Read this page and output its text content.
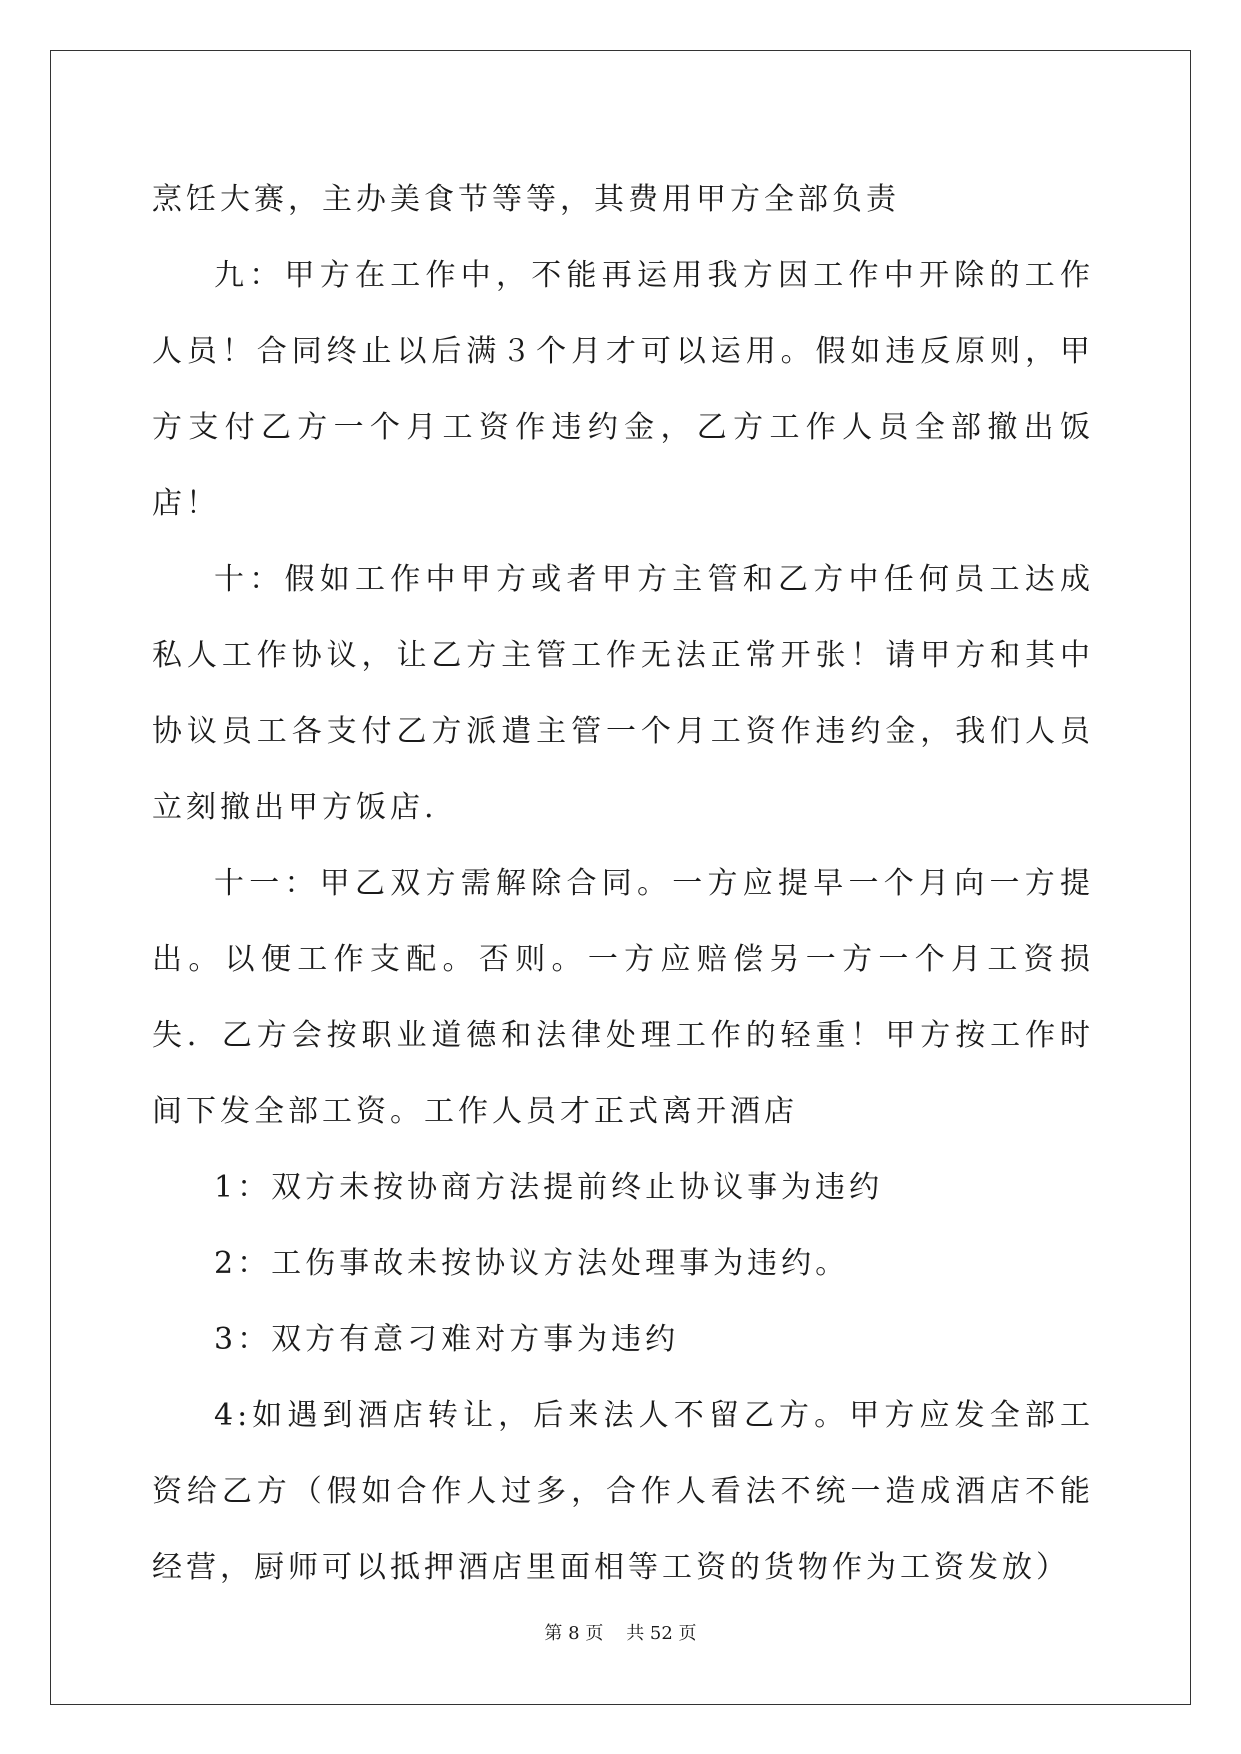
烹饪大赛，主办美食节等等，其费用甲方全部负责

九：甲方在工作中，不能再运用我方因工作中开除的工作人员！合同终止以后满３个月才可以运用。假如违反原则，甲方支付乙方一个月工资作违约金，乙方工作人员全部撤出饭店！

十：假如工作中甲方或者甲方主管和乙方中任何员工达成私人工作协议，让乙方主管工作无法正常开张！请甲方和其中协议员工各支付乙方派遣主管一个月工资作违约金，我们人员立刻撤出甲方饭店.

十一：甲乙双方需解除合同。一方应提早一个月向一方提出。以便工作支配。否则。一方应赔偿另一方一个月工资损失．乙方会按职业道德和法律处理工作的轻重！甲方按工作时间下发全部工资。工作人员才正式离开酒店

1：双方未按协商方法提前终止协议事为违约

2：工伤事故未按协议方法处理事为违约。

3：双方有意刁难对方事为违约

4:如遇到酒店转让，后来法人不留乙方。甲方应发全部工资给乙方（假如合作人过多，合作人看法不统一造成酒店不能经营，厨师可以抵押酒店里面相等工资的货物作为工资发放）

第 8 页    共 52 页
